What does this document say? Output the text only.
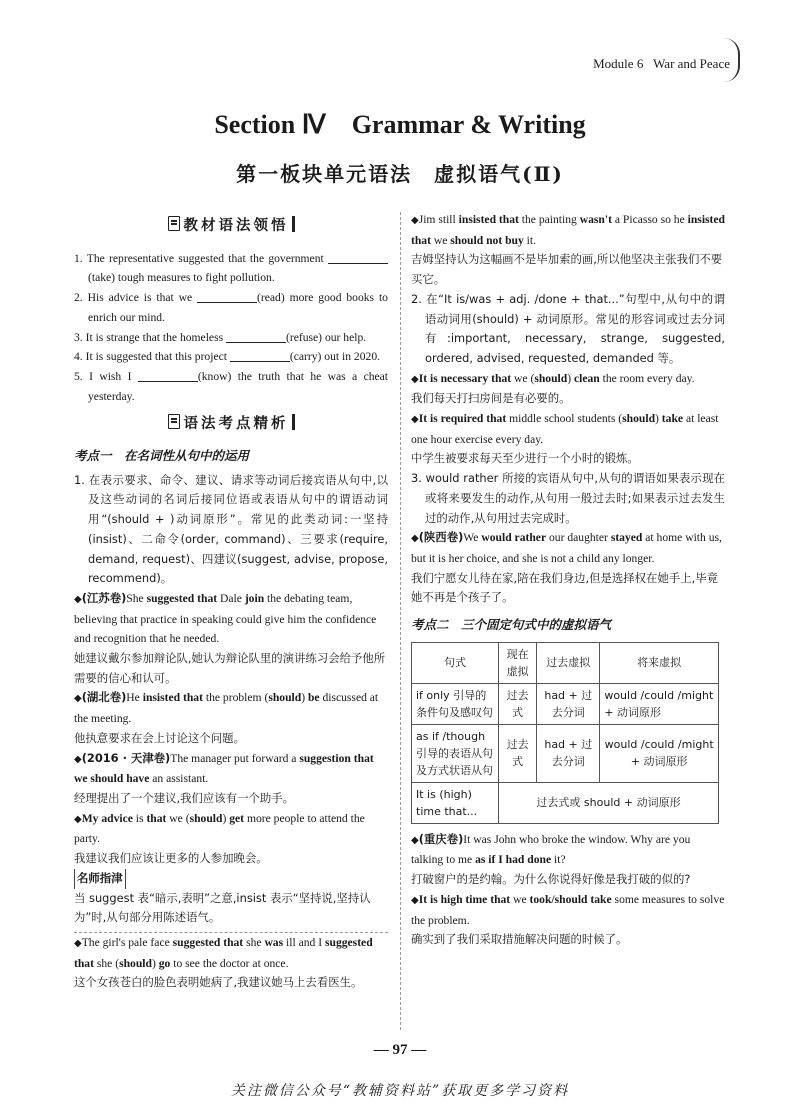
Module 6 War and Peace
Section Ⅳ　Grammar & Writing
第一板块单元语法　虚拟语气(Ⅱ)
教材语法领悟
1. The representative suggested that the government (take) tough measures to fight pollution.
2. His advice is that we	(read) more good books to enrich our mind.
3. It is strange that the homeless	(refuse) our help.
4. It is suggested that this project	(carry) out in 2020.
5. I wish I	(know) the truth that he was a cheat yesterday.
语法考点精析
考点一　在名词性从句中的运用
1. 在表示要求、命令、建议、请求等动词后接宾语从句中,以及这些动词的名词后接同位语或表语从句中的谓语动词用“(should + )动词原形”。常见的此类动词:一坚持(insist)、二命令(order, command)、三要求(require, demand, request)、四建议(suggest, advise, propose, recommend)。
◆(江苏卷)She suggested that Dale join the debating team, believing that practice in speaking could give him the confidence and recognition that he needed.
她建议戴尔参加辩论队,她认为辩论队里的演讲练习会给予他所需要的信心和认可。
◆(湖北卷)He insisted that the problem (should) be discussed at the meeting.
他执意要求在会上讨论这个问题。
◆(2016 · 天津卷)The manager put forward a suggestion that we should have an assistant.
经理提出了一个建议,我们应该有一个助手。
◆My advice is that we (should) get more people to attend the party.
我建议我们应该让更多的人参加晚会。
名师指津
当 suggest 表“暗示,表明”之意,insist 表示“坚持说,坚持认为”时,从句部分用陈述语气。
◆The girl's pale face suggested that she was ill and I suggested that she (should) go to see the doctor at once.
这个女孩苍白的脸色表明她病了,我建议她马上去看医生。
◆Jim still insisted that the painting wasn't a Picasso so he insisted that we should not buy it.
吉姆坚持认为这幅画不是毕加索的画,所以他坚决主张我们不要买它。
2. 在“It is/was + adj. /done + that...”句型中,从句中的谓语动词用(should) + 动词原形。常见的形容词或过去分词有:important, necessary, strange, suggested, ordered, advised, requested, demanded 等。
◆It is necessary that we (should) clean the room every day.
我们每天打扫房间是有必要的。
◆It is required that middle school students (should) take at least one hour exercise every day.
中学生被要求每天至少进行一个小时的锻炼。
3. would rather 所接的宾语从句中,从句的谓语如果表示现在或将来要发生的动作,从句用一般过去时;如果表示过去发生过的动作,从句用过去完成时。
◆(陕西卷)We would rather our daughter stayed at home with us, but it is her choice, and she is not a child any longer.
我们宁愿女儿待在家,陪在我们身边,但是选择权在她手上,毕竟她不再是个孩子了。
考点二　三个固定句式中的虚拟语气
句式	现在虚拟	过去虚拟	将来虚拟
if only 引导的条件句及感叹句	过去式	had + 过去分词	would /could /might + 动词原形
as if /though 引导的表语从句及方式状语从句	过去式	had + 过去分词	would /could /might + 动词原形
It is (high) time that...	过去式或 should + 动词原形		
◆(重庆卷)It was John who broke the window. Why are you talking to me as if I had done it?
打破窗户的是约翰。为什么你说得好像是我打破的似的?
◆It is high time that we took/should take some measures to solve the problem.
确实到了我们采取措施解决问题的时候了。
— 97 —
关注微信公众号“教辅资料站”获取更多学习资料
